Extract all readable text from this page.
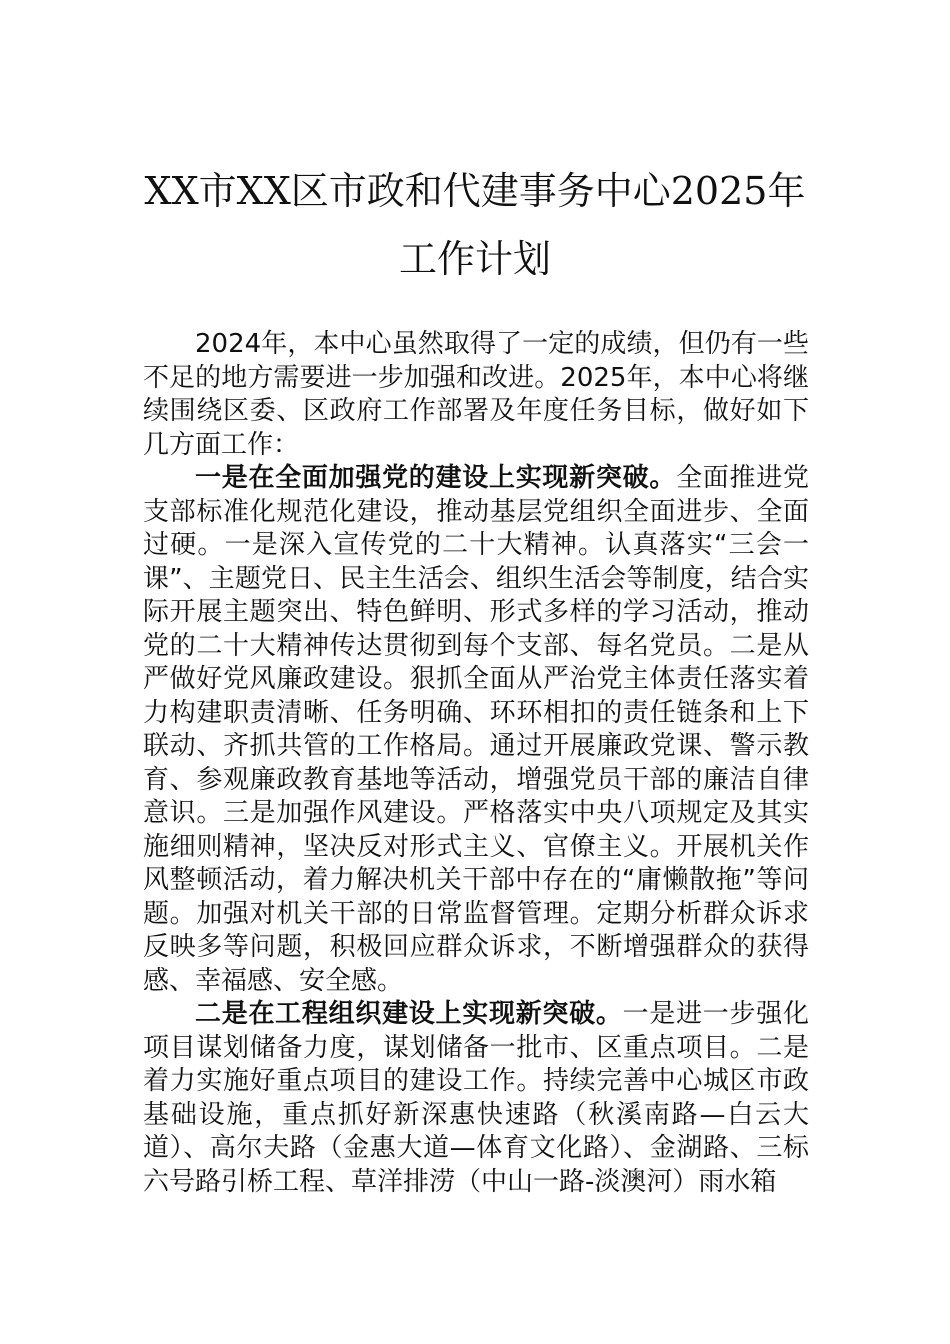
XX市XX区市政和代建事务中心2025年
工作计划

2024年，本中心虽然取得了一定的成绩，但仍有一些不足的地方需要进一步加强和改进。2025年，本中心将继续围绕区委、区政府工作部署及年度任务目标，做好如下几方面工作：

一是在全面加强党的建设上实现新突破。全面推进党支部标准化规范化建设，推动基层党组织全面进步、全面过硬。一是深入宣传党的二十大精神。认真落实“三会一课”、主题党日、民主生活会、组织生活会等制度，结合实际开展主题突出、特色鲜明、形式多样的学习活动，推动党的二十大精神传达贯彻到每个支部、每名党员。二是从严做好党风廉政建设。狠抓全面从严治党主体责任落实着力构建职责清晰、任务明确、环环相扣的责任链条和上下联动、齐抓共管的工作格局。通过开展廉政党课、警示教育、参观廉政教育基地等活动，增强党员干部的廉洁自律意识。三是加强作风建设。严格落实中央八项规定及其实施细则精神，坚决反对形式主义、官僚主义。开展机关作风整顿活动，着力解决机关干部中存在的“庸懒散拖”等问题。加强对机关干部的日常监督管理。定期分析群众诉求反映多等问题，积极回应群众诉求，不断增强群众的获得感、幸福感、安全感。

二是在工程组织建设上实现新突破。一是进一步强化项目谋划储备力度，谋划储备一批市、区重点项目。二是着力实施好重点项目的建设工作。持续完善中心城区市政基础设施，重点抓好新深惠快速路（秋溪南路—白云大道）、高尔夫路（金惠大道—体育文化路）、金湖路、三标六号路引桥工程、草洋排涝（中山一路-淡澳河）雨水箱
